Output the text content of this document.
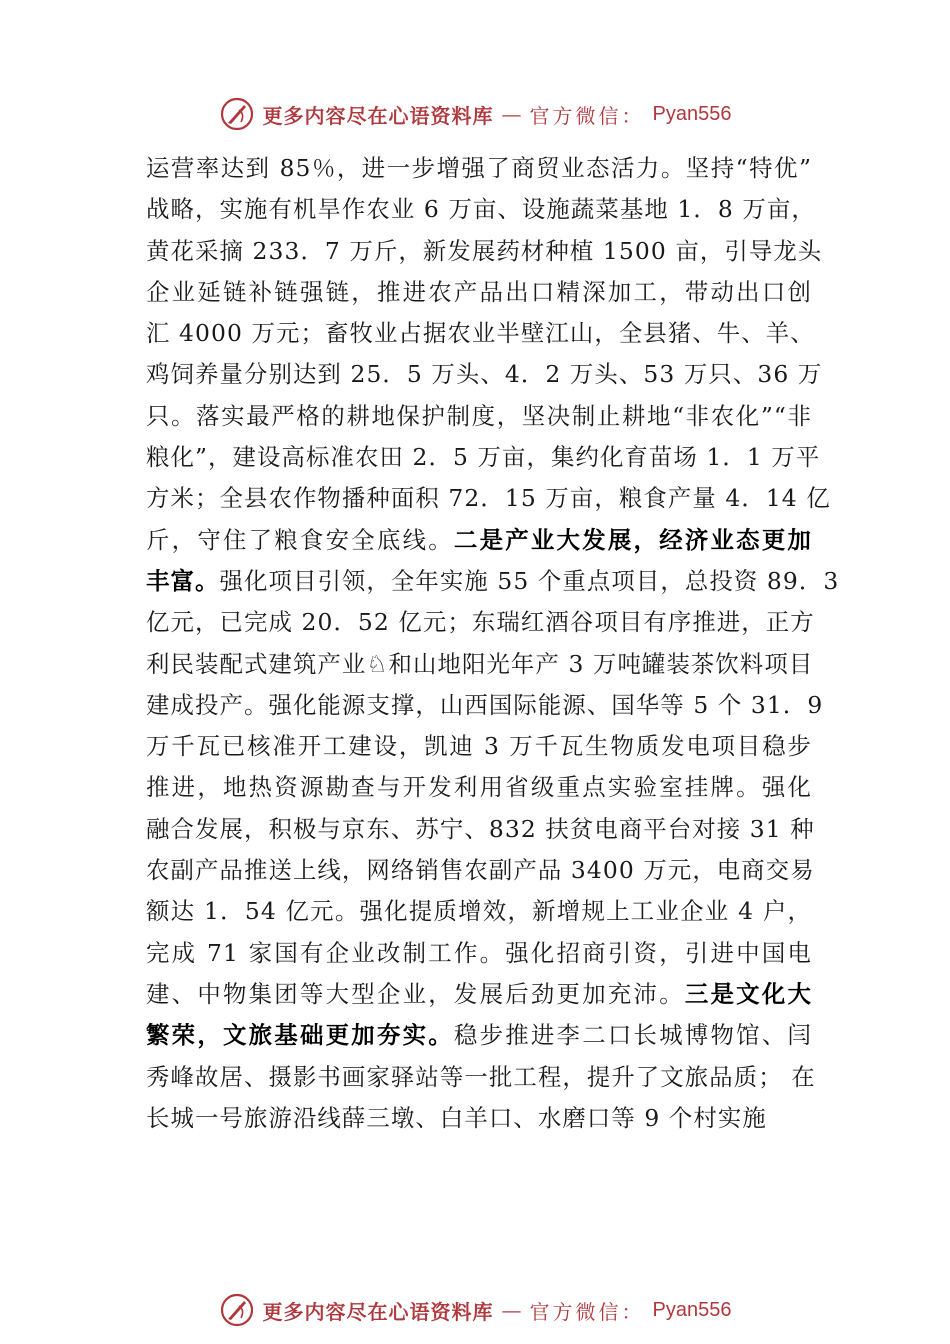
更多内容尽在心语资料库 — 官方微信： Pyan556
运营率达到 85％，进一步增强了商贸业态活力。坚持“特优”
战略，实施有机旱作农业 6 万亩、设施蔬菜基地 1．8 万亩，
黄花采摘 233．7 万斤，新发展药材种植 1500 亩，引导龙头
企业延链补链强链，推进农产品出口精深加工，带动出口创
汇 4000 万元；畜牧业占据农业半壁江山，全县猪、牛、羊、
鸡饲养量分别达到 25．5 万头、4．2 万头、53 万只、36 万
只。落实最严格的耕地保护制度，坚决制止耕地“非农化”“非
粮化”，建设高标准农田 2．5 万亩，集约化育苗场 1．1 万平
方米；全县农作物播种面积 72．15 万亩，粮食产量 4．14 亿
斤，守住了粮食安全底线。二是产业大发展，经济业态更加
丰富。强化项目引领，全年实施 55 个重点项目，总投资 89．3
亿元，已完成 20．52 亿元；东瑞红酒谷项目有序推进，正方
利民装配式建筑产业♘和山地阳光年产 3 万吨罐装茶饮料项目
建成投产。强化能源支撑，山西国际能源、国华等 5 个 31．9
万千瓦已核准开工建设，凯迪 3 万千瓦生物质发电项目稳步
推进，地热资源勘查与开发利用省级重点实验室挂牌。强化
融合发展，积极与京东、苏宁、832 扶贫电商平台对接 31 种
农副产品推送上线，网络销售农副产品 3400 万元，电商交易
额达 1．54 亿元。强化提质增效，新增规上工业企业 4 户，
完成 71 家国有企业改制工作。强化招商引资，引进中国电
建、中物集团等大型企业，发展后劲更加充沛。三是文化大
繁荣，文旅基础更加夯实。稳步推进李二口长城博物馆、闫
秀峰故居、摄影书画家驿站等一批工程，提升了文旅品质； 在
长城一号旅游沿线薛三墩、白羊口、水磨口等 9 个村实施
更多内容尽在心语资料库 — 官方微信： Pyan556
